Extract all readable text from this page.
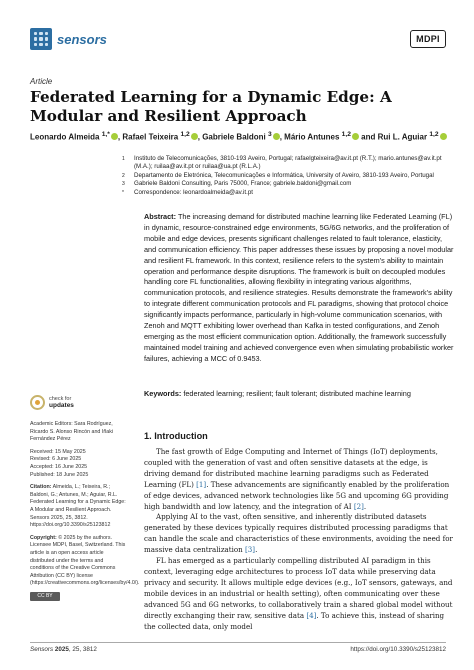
sensors	MDPI
Article
Federated Learning for a Dynamic Edge: A Modular and Resilient Approach
Leonardo Almeida $^{1,*}$ , Rafael Teixeira $^{1,2}$ , Gabriele Baldoni $^3$ , Mário Antunes $^{1,2}$ and Rui L. Aguiar $^{1,2}$
1	Instituto de Telecomunicações, 3810-193 Aveiro, Portugal; rafaelgteixeira@av.it.pt (R.T.); mario.antunes@av.it.pt (M.A.); ruilaa@av.it.pt or ruilaa@ua.pt (R.L.A.)
2	Departamento de Eletrónica, Telecomunicações e Informática, University of Aveiro, 3810-193 Aveiro, Portugal
3	Gabriele Baldoni Consulting, Paris 75000, France; gabriele.baldoni@gmail.com
*	Correspondence: leonardoalmeida@av.it.pt
Abstract: The increasing demand for distributed machine learning like Federated Learning (FL) in dynamic, resource-constrained edge environments, 5G/6G networks, and the proliferation of mobile and edge devices, presents significant challenges related to fault tolerance, elasticity, and communication efficiency. This paper addresses these issues by proposing a novel modular and resilient FL framework. In this context, resilience refers to the system's ability to maintain operation and performance despite disruptions. The framework is built on decoupled modules handling core FL functionalities, allowing flexibility in integrating various algorithms, communication protocols, and resilience strategies. Results demonstrate the framework's ability to integrate different communication protocols and FL paradigms, showing that protocol choice significantly impacts performance, particularly in high-volume communication scenarios, with Zenoh and MQTT exhibiting lower overhead than Kafka in tested configurations, and Zenoh emerging as the most efficient communication option. Additionally, the framework successfully maintained model training and achieved convergence even when simulating probabilistic worker failures, achieving a MCC of 0.9453.
Keywords: federated learning; resilient; fault tolerant; distributed machine learning
check for
updates
Academic Editors: Sara Rodríguez, Ricardo S. Alonso Rincón and Iñaki Fernández Pérez
Received: 15 May 2025
Revised: 6 June 2025
Accepted: 16 June 2025
Published: 18 June 2025
Citation: Almeida, L.; Teixeira, R.; Baldoni, G.; Antunes, M.; Aguiar, R.L. Federated Learning for a Dynamic Edge: A Modular and Resilient Approach. Sensors 2025, 25, 3812. https://doi.org/10.3390/s25123812
Copyright: © 2025 by the authors. Licensee MDPI, Basel, Switzerland. This article is an open access article distributed under the terms and conditions of the Creative Commons Attribution (CC BY) license (https://creativecommons.org/licenses/by/4.0/).
CC BY
1. Introduction

The fast growth of Edge Computing and Internet of Things (IoT) deployments, coupled with the generation of vast and often sensitive datasets at the edge, is driving demand for distributed machine learning paradigms such as Federated Learning (FL) [1]. These advancements are significantly enabled by the proliferation of edge devices, advanced network technologies like 5G and upcoming 6G providing high bandwidth and low latency, and the integration of AI [2].

Applying AI to the vast, often sensitive, and inherently distributed datasets generated by these devices typically requires distributed processing paradigms that can handle the scale and characteristics of these environments, avoiding the need for massive data centralization [3].

FL has emerged as a particularly compelling distributed AI paradigm in this context, leveraging edge architectures to process IoT data while preserving data privacy and security. It allows multiple edge devices (e.g., IoT sensors, gateways, and mobile devices in an industrial or health setting), often communicating over these advanced 5G and 6G networks, to collaboratively train a shared global model without directly exchanging their raw, sensitive data [4]. To achieve this, instead of sharing the collected data, only model

Sensors 2025, 25, 3812	https://doi.org/10.3390/s25123812
